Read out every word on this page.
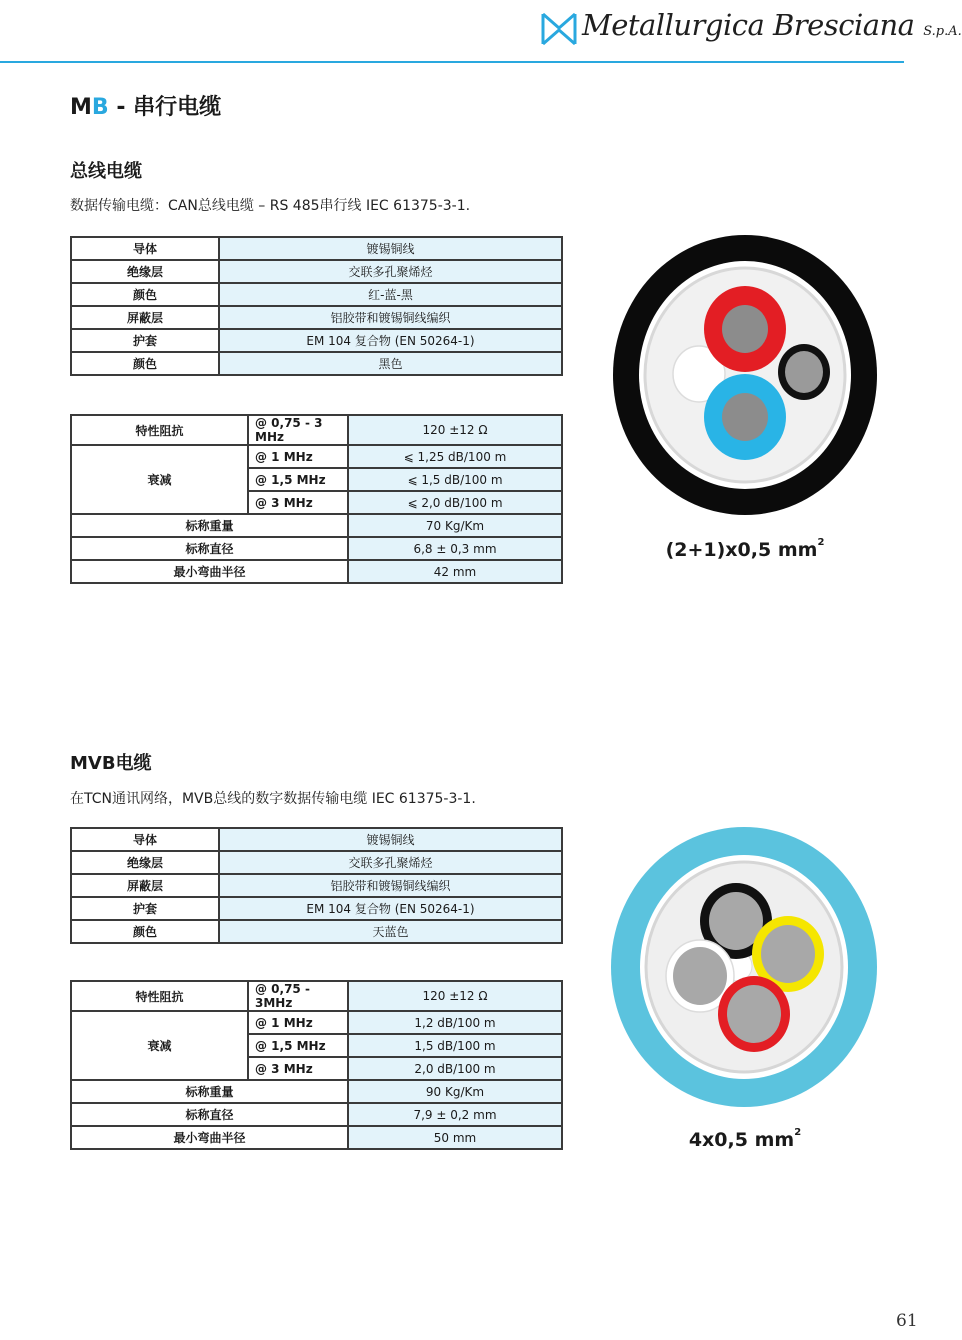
Metallurgica Bresciana S.p.A.
MB - 串行电缆
总线电缆
数据传输电缆：CAN总线电缆 – RS 485串行线 IEC 61375-3-1.
导体	镀锡铜线
绝缘层	交联多孔聚烯烃
颜色	红-蓝-黑
屏蔽层	铝胶带和镀锡铜线编织
护套	EM 104 复合物 (EN 50264-1)
颜色	黑色
特性阻抗	@ 0,75 - 3 MHz	120 ±12 Ω
衰减	@ 1 MHz	⩽ 1,25 dB/100 m
	@ 1,5 MHz	⩽ 1,5 dB/100 m
	@ 3 MHz	⩽ 2,0 dB/100 m
标称重量		70 Kg/Km
标称直径		6,8 ± 0,3 mm
最小弯曲半径		42 mm
(2+1)x0,5 $mm^2$
MVB电缆
在TCN通讯网络，MVB总线的数字数据传输电缆 IEC 61375-3-1.
导体	镀锡铜线
绝缘层	交联多孔聚烯烃
屏蔽层	铝胶带和镀锡铜线编织
护套	EM 104 复合物 (EN 50264-1)
颜色	天蓝色
特性阻抗	@ 0,75 - 3MHz	120 ±12 Ω
衰减	@ 1 MHz	1,2 dB/100 m
	@ 1,5 MHz	1,5 dB/100 m
	@ 3 MHz	2,0 dB/100 m
标称重量		90 Kg/Km
标称直径		7,9 ± 0,2 mm
最小弯曲半径		50 mm	4x0,5 $mm^2$
61
